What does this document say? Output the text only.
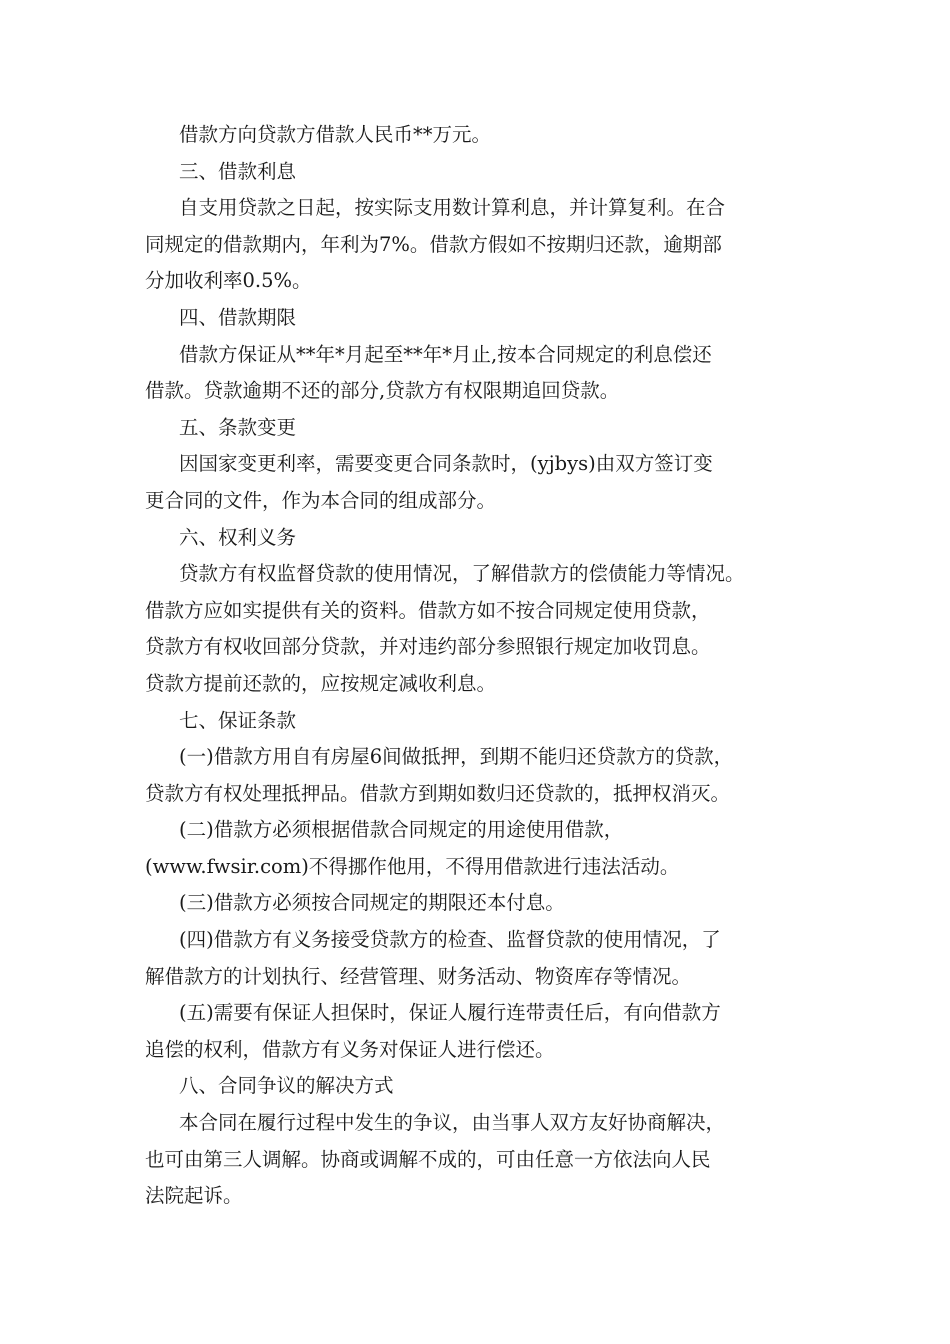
借款方向贷款方借款人民币**万元。
三、借款利息
自支用贷款之日起，按实际支用数计算利息，并计算复利。在合
同规定的借款期内，年利为7%。借款方假如不按期归还款，逾期部
分加收利率0.5%。
四、借款期限
借款方保证从**年*月起至**年*月止,按本合同规定的利息偿还
借款。贷款逾期不还的部分,贷款方有权限期追回贷款。
五、条款变更
因国家变更利率，需要变更合同条款时，(yjbys)由双方签订变
更合同的文件，作为本合同的组成部分。
六、权利义务
贷款方有权监督贷款的使用情况，了解借款方的偿债能力等情况。
借款方应如实提供有关的资料。借款方如不按合同规定使用贷款，
贷款方有权收回部分贷款，并对违约部分参照银行规定加收罚息。
贷款方提前还款的，应按规定减收利息。
七、保证条款
(一)借款方用自有房屋6间做抵押，到期不能归还贷款方的贷款，
贷款方有权处理抵押品。借款方到期如数归还贷款的，抵押权消灭。
(二)借款方必须根据借款合同规定的用途使用借款，
(www.fwsir.com)不得挪作他用，不得用借款进行违法活动。
(三)借款方必须按合同规定的期限还本付息。
(四)借款方有义务接受贷款方的检查、监督贷款的使用情况，了
解借款方的计划执行、经营管理、财务活动、物资库存等情况。
(五)需要有保证人担保时，保证人履行连带责任后，有向借款方
追偿的权利，借款方有义务对保证人进行偿还。
八、合同争议的解决方式
本合同在履行过程中发生的争议，由当事人双方友好协商解决，
也可由第三人调解。协商或调解不成的，可由任意一方依法向人民
法院起诉。
